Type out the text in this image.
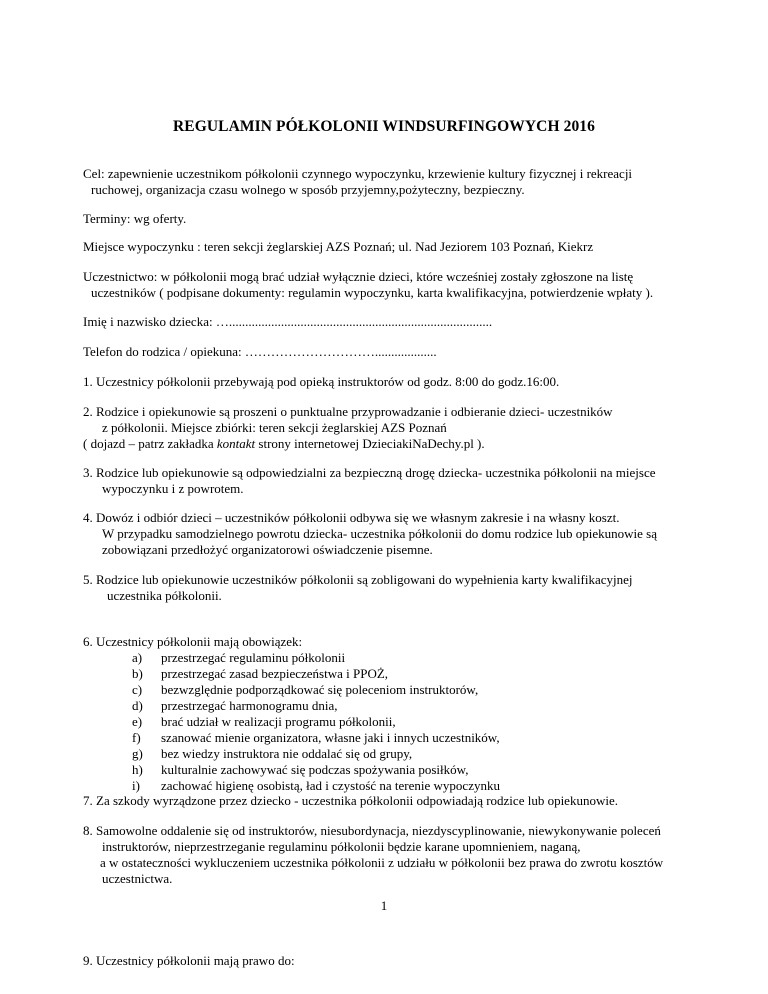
REGULAMIN PÓŁKOLONII WINDSURFINGOWYCH 2016
Cel: zapewnienie uczestnikom półkolonii czynnego wypoczynku, krzewienie kultury fizycznej i rekreacji
ruchowej, organizacja czasu wolnego w sposób przyjemny,pożyteczny, bezpieczny.
Terminy: wg oferty.
Miejsce wypoczynku : teren sekcji żeglarskiej AZS Poznań; ul. Nad Jeziorem 103 Poznań, Kiekrz
Uczestnictwo: w półkolonii mogą brać udział wyłącznie dzieci, które wcześniej zostały zgłoszone na listę
uczestników ( podpisane dokumenty: regulamin wypoczynku, karta kwalifikacyjna, potwierdzenie wpłaty ).
Imię i nazwisko dziecka: ….................................................................................
Telefon do rodzica / opiekuna: …………………………...................
1. Uczestnicy półkolonii przebywają pod opieką instruktorów od godz. 8:00 do godz.16:00.
2. Rodzice i opiekunowie są proszeni o punktualne przyprowadzanie i odbieranie dzieci- uczestników
z półkolonii. Miejsce zbiórki: teren sekcji żeglarskiej AZS Poznań
( dojazd – patrz zakładka kontakt strony internetowej DzieciakiNaDechy.pl ).
3. Rodzice lub opiekunowie są odpowiedzialni za bezpieczną drogę dziecka- uczestnika półkolonii na miejsce
wypoczynku i z powrotem.
4. Dowóz i odbiór dzieci – uczestników półkolonii odbywa się we własnym zakresie i na własny koszt.
W przypadku samodzielnego powrotu dziecka- uczestnika półkolonii do domu rodzice lub opiekunowie są
zobowiązani przedłożyć organizatorowi oświadczenie pisemne.
5. Rodzice lub opiekunowie uczestników półkolonii są zobligowani do wypełnienia karty kwalifikacyjnej
uczestnika półkolonii.
6. Uczestnicy półkolonii mają obowiązek:
a) przestrzegać regulaminu półkolonii
b) przestrzegać zasad bezpieczeństwa i PPOŻ,
c) bezwzględnie podporządkować się poleceniom instruktorów,
d) przestrzegać harmonogramu dnia,
e) brać udział w realizacji programu półkolonii,
f) szanować mienie organizatora, własne jaki i innych uczestników,
g) bez wiedzy instruktora nie oddalać się od grupy,
h) kulturalnie zachowywać się podczas spożywania posiłków,
i) zachować higienę osobistą, ład i czystość na terenie wypoczynku
7. Za szkody wyrządzone przez dziecko - uczestnika półkolonii odpowiadają rodzice lub opiekunowie.
8. Samowolne oddalenie się od instruktorów, niesubordynacja, niezdyscyplinowanie, niewykonywanie poleceń
instruktorów, nieprzestrzeganie regulaminu półkolonii będzie karane upomnieniem, naganą,
a w ostateczności wykluczeniem uczestnika półkolonii z udziału w półkolonii bez prawa do zwrotu kosztów
uczestnictwa.
1
9. Uczestnicy półkolonii mają prawo do:
